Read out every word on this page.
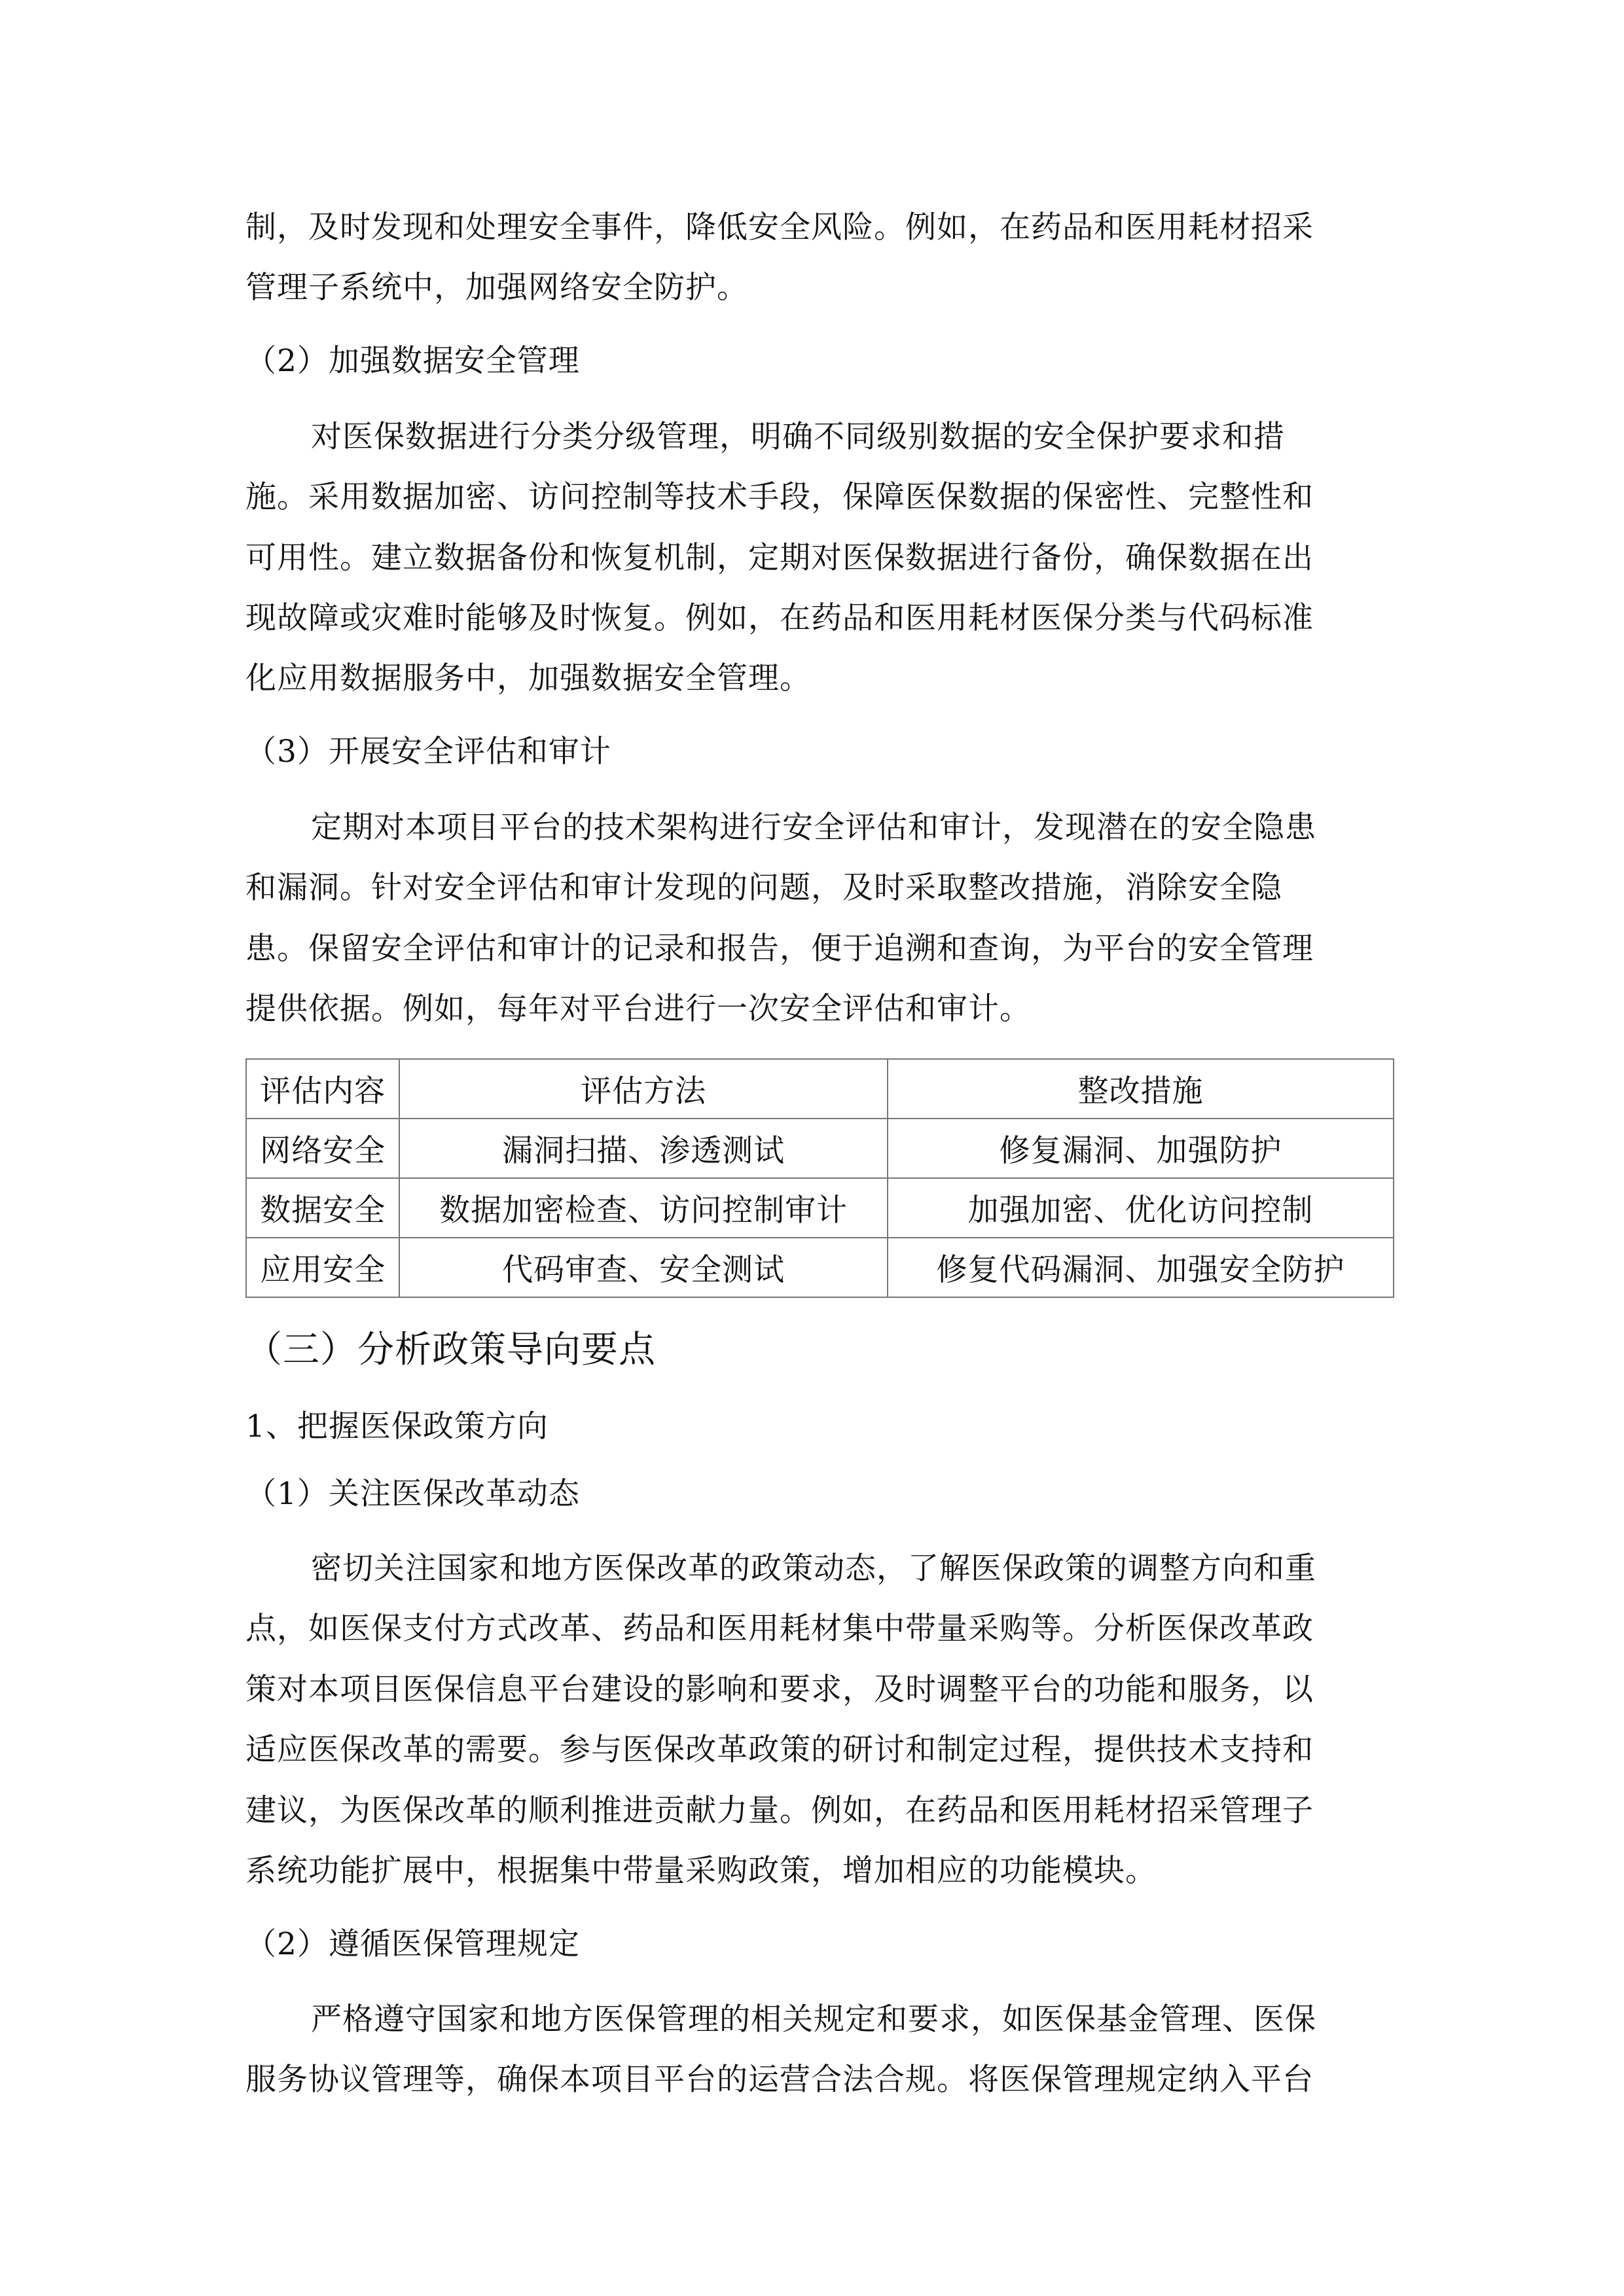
制，及时发现和处理安全事件，降低安全风险。例如，在药品和医用耗材招采
管理子系统中，加强网络安全防护。
（2）加强数据安全管理
对医保数据进行分类分级管理，明确不同级别数据的安全保护要求和措
施。采用数据加密、访问控制等技术手段，保障医保数据的保密性、完整性和
可用性。建立数据备份和恢复机制，定期对医保数据进行备份，确保数据在出
现故障或灾难时能够及时恢复。例如，在药品和医用耗材医保分类与代码标准
化应用数据服务中，加强数据安全管理。
（3）开展安全评估和审计
定期对本项目平台的技术架构进行安全评估和审计，发现潜在的安全隐患
和漏洞。针对安全评估和审计发现的问题，及时采取整改措施，消除安全隐
患。保留安全评估和审计的记录和报告，便于追溯和查询，为平台的安全管理
提供依据。例如，每年对平台进行一次安全评估和审计。
评估内容	评估方法	整改措施
网络安全	漏洞扫描、渗透测试	修复漏洞、加强防护
数据安全	数据加密检查、访问控制审计	加强加密、优化访问控制
应用安全	代码审查、安全测试	修复代码漏洞、加强安全防护
（三）分析政策导向要点
1、把握医保政策方向
（1）关注医保改革动态
密切关注国家和地方医保改革的政策动态，了解医保政策的调整方向和重
点，如医保支付方式改革、药品和医用耗材集中带量采购等。分析医保改革政
策对本项目医保信息平台建设的影响和要求，及时调整平台的功能和服务，以
适应医保改革的需要。参与医保改革政策的研讨和制定过程，提供技术支持和
建议，为医保改革的顺利推进贡献力量。例如，在药品和医用耗材招采管理子
系统功能扩展中，根据集中带量采购政策，增加相应的功能模块。
（2）遵循医保管理规定
严格遵守国家和地方医保管理的相关规定和要求，如医保基金管理、医保
服务协议管理等，确保本项目平台的运营合法合规。将医保管理规定纳入平台
